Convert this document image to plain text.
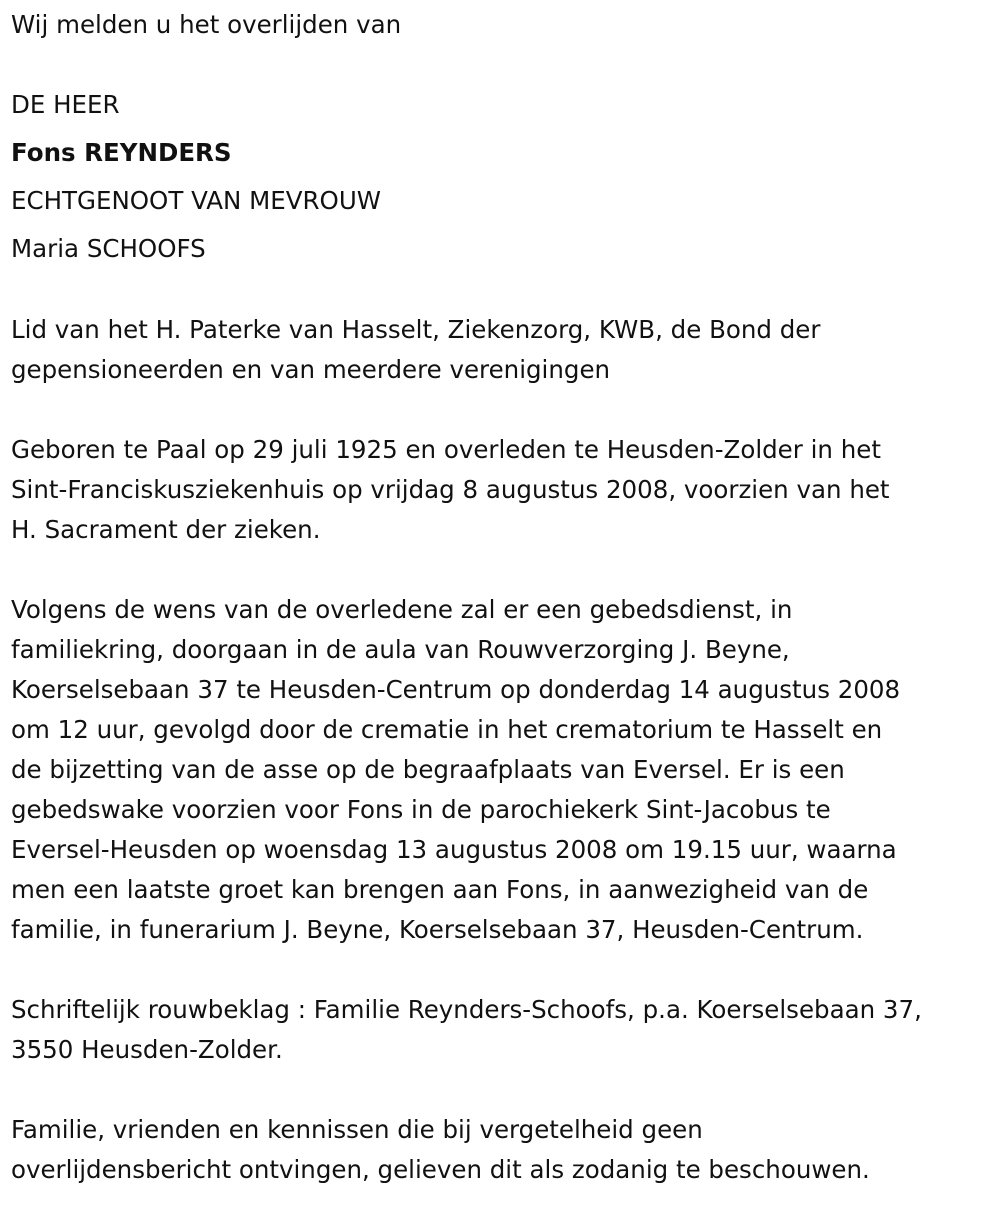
Wij melden u het overlijden van
DE HEER
Fons REYNDERS
ECHTGENOOT VAN MEVROUW
Maria SCHOOFS
Lid van het H. Paterke van Hasselt, Ziekenzorg, KWB, de Bond der
gepensioneerden en van meerdere verenigingen
Geboren te Paal op 29 juli 1925 en overleden te Heusden-Zolder in het
Sint-Franciskusziekenhuis op vrijdag 8 augustus 2008, voorzien van het
H. Sacrament der zieken.
Volgens de wens van de overledene zal er een gebedsdienst, in
familiekring, doorgaan in de aula van Rouwverzorging J. Beyne,
Koerselsebaan 37 te Heusden-Centrum op donderdag 14 augustus 2008
om 12 uur, gevolgd door de crematie in het crematorium te Hasselt en
de bijzetting van de asse op de begraafplaats van Eversel. Er is een
gebedswake voorzien voor Fons in de parochiekerk Sint-Jacobus te
Eversel-Heusden op woensdag 13 augustus 2008 om 19.15 uur, waarna
men een laatste groet kan brengen aan Fons, in aanwezigheid van de
familie, in funerarium J. Beyne, Koerselsebaan 37, Heusden-Centrum.
Schriftelijk rouwbeklag : Familie Reynders-Schoofs, p.a. Koerselsebaan 37,
3550 Heusden-Zolder.
Familie, vrienden en kennissen die bij vergetelheid geen
overlijdensbericht ontvingen, gelieven dit als zodanig te beschouwen.
